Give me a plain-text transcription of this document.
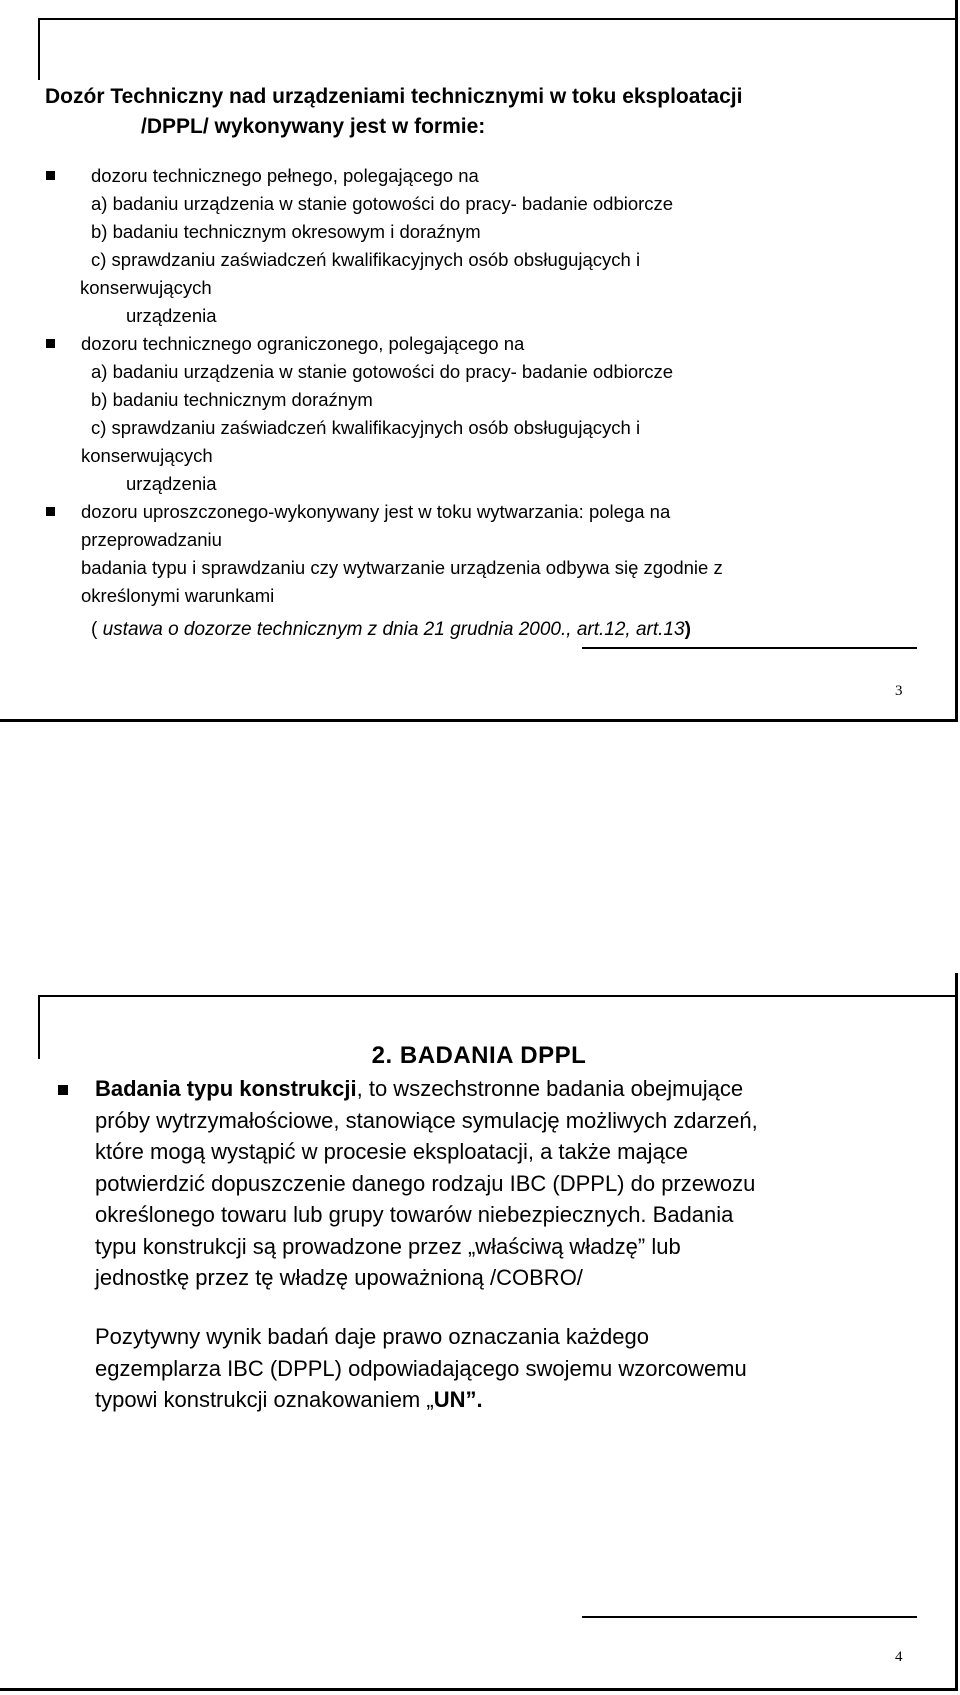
Dozór Techniczny nad urządzeniami technicznymi w toku eksploatacji
/DPPL/ wykonywany jest w formie:
dozoru technicznego pełnego, polegającego na
a) badaniu urządzenia w stanie gotowości do pracy- badanie odbiorcze
b) badaniu technicznym okresowym i doraźnym
c) sprawdzaniu zaświadczeń kwalifikacyjnych osób obsługujących i
konserwujących
urządzenia
dozoru technicznego ograniczonego, polegającego na
a) badaniu urządzenia w stanie gotowości do pracy- badanie odbiorcze
b) badaniu technicznym doraźnym
c) sprawdzaniu zaświadczeń kwalifikacyjnych osób obsługujących i
konserwujących
urządzenia
dozoru uproszczonego-wykonywany jest w toku wytwarzania: polega na
przeprowadzaniu
badania typu i sprawdzaniu czy wytwarzanie urządzenia odbywa się zgodnie z
określonymi warunkami
( ustawa o dozorze technicznym z dnia 21 grudnia 2000., art.12, art.13)
3
2. BADANIA DPPL
Badania typu konstrukcji, to wszechstronne badania obejmujące
próby wytrzymałościowe, stanowiące symulację możliwych zdarzeń,
które mogą wystąpić w procesie eksploatacji, a także mające
potwierdzić dopuszczenie danego rodzaju IBC (DPPL) do przewozu
określonego towaru lub grupy towarów niebezpiecznych. Badania
typu konstrukcji są prowadzone przez „właściwą władzę” lub
jednostkę przez tę władzę upoważnioną /COBRO/
Pozytywny wynik badań daje prawo oznaczania każdego
egzemplarza IBC (DPPL) odpowiadającego swojemu wzorcowemu
typowi konstrukcji oznakowaniem „UN”.
4
